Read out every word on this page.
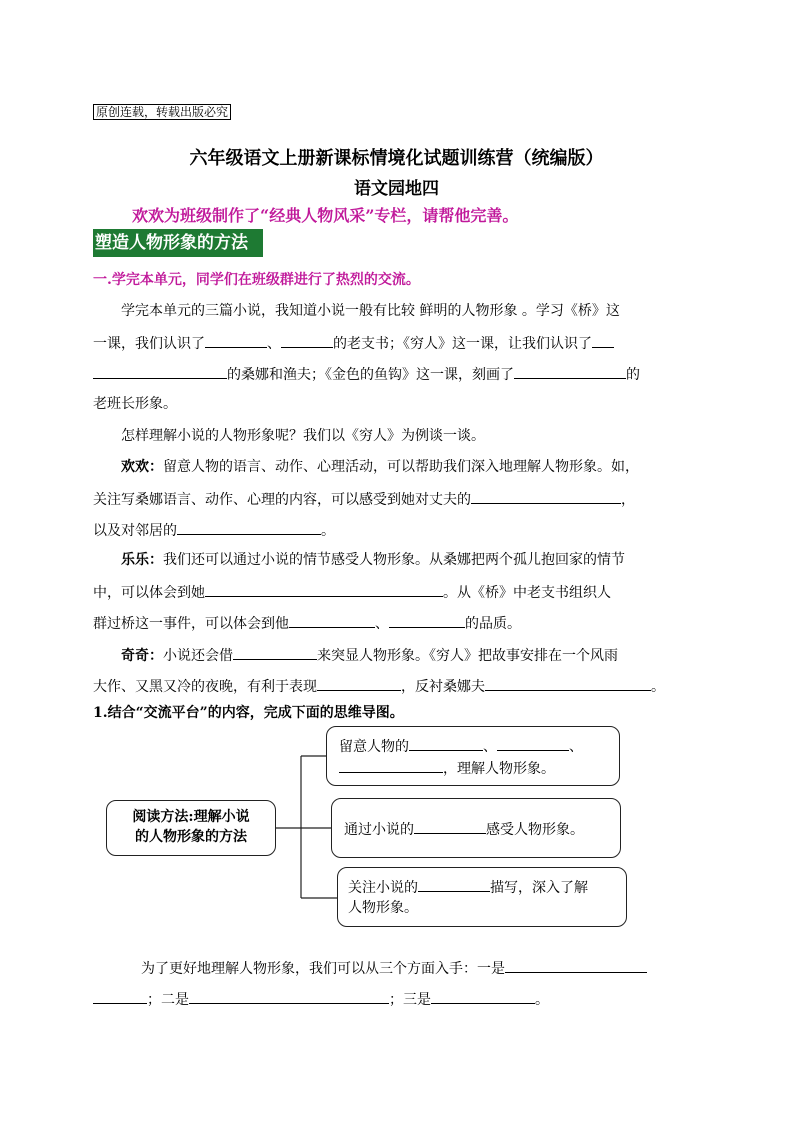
原创连载，转载出版必究
六年级语文上册新课标情境化试题训练营（统编版）
语文园地四
欢欢为班级制作了“经典人物风采”专栏，请帮他完善。
塑造人物形象的方法
一.学完本单元，同学们在班级群进行了热烈的交流。
学完本单元的三篇小说，我知道小说一般有比较 鲜明的人物形象 。学习《桥》这
一课，我们认识了	、	的老支书；《穷人》这一课，让我们认识了
的桑娜和渔夫；《金色的鱼钩》这一课，刻画了	的
老班长形象。
怎样理解小说的人物形象呢？我们以《穷人》为例谈一谈。
欢欢：留意人物的语言、动作、心理活动，可以帮助我们深入地理解人物形象。如，
关注写桑娜语言、动作、心理的内容，可以感受到她对丈夫的	，
以及对邻居的	。
乐乐：我们还可以通过小说的情节感受人物形象。从桑娜把两个孤儿抱回家的情节
中，可以体会到她	。从《桥》中老支书组织人
群过桥这一事件，可以体会到他	、	的品质。
奇奇：小说还会借	来突显人物形象。《穷人》把故事安排在一个风雨
大作、又黑又冷的夜晚，有利于表现	，反衬桑娜夫	。
1.结合“交流平台”的内容，完成下面的思维导图。
阅读方法:理解小说
的人物形象的方法
留意人物的	、	、
，理解人物形象。
通过小说的	感受人物形象。
关注小说的	描写，深入了解
人物形象。
为了更好地理解人物形象，我们可以从三个方面入手：一是
；二是	；三是	。
